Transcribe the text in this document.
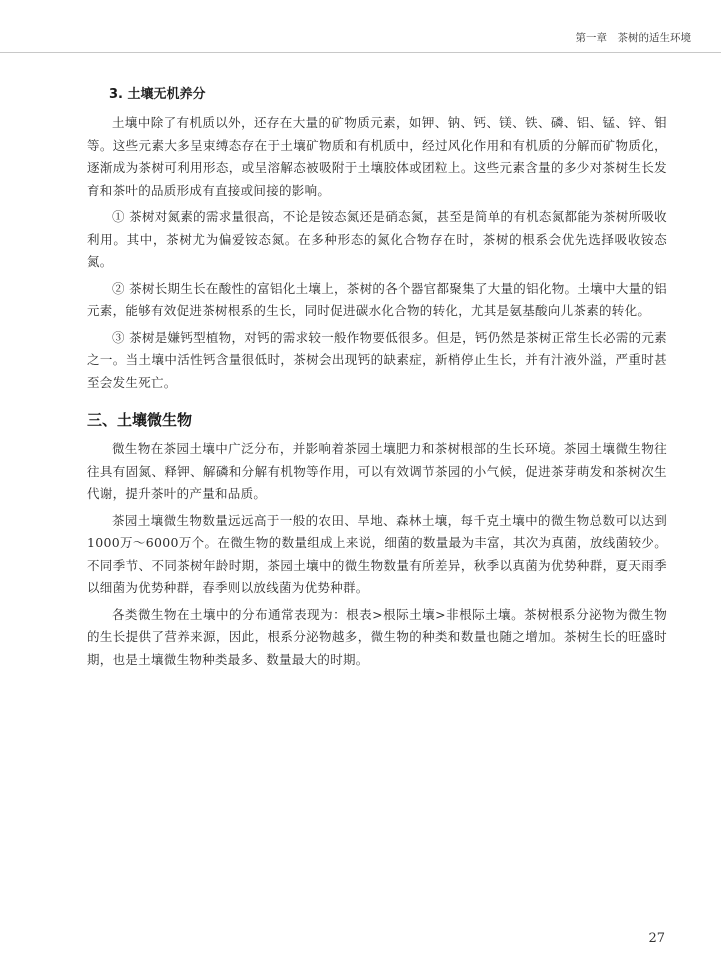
第一章　茶树的适生环境
3. 土壤无机养分

土壤中除了有机质以外，还存在大量的矿物质元素，如钾、钠、钙、镁、铁、磷、铝、锰、锌、钼等。这些元素大多呈束缚态存在于土壤矿物质和有机质中，经过风化作用和有机质的分解而矿物质化，逐渐成为茶树可利用形态，或呈溶解态被吸附于土壤胶体或团粒上。这些元素含量的多少对茶树生长发育和茶叶的品质形成有直接或间接的影响。

① 茶树对氮素的需求量很高，不论是铵态氮还是硝态氮，甚至是简单的有机态氮都能为茶树所吸收利用。其中，茶树尤为偏爱铵态氮。在多种形态的氮化合物存在时，茶树的根系会优先选择吸收铵态氮。

② 茶树长期生长在酸性的富铝化土壤上，茶树的各个器官都聚集了大量的铝化物。土壤中大量的铝元素，能够有效促进茶树根系的生长，同时促进碳水化合物的转化，尤其是氨基酸向儿茶素的转化。

③ 茶树是嫌钙型植物，对钙的需求较一般作物要低很多。但是，钙仍然是茶树正常生长必需的元素之一。当土壤中活性钙含量很低时，茶树会出现钙的缺素症，新梢停止生长，并有汁液外溢，严重时甚至会发生死亡。

三、土壤微生物

微生物在茶园土壤中广泛分布，并影响着茶园土壤肥力和茶树根部的生长环境。茶园土壤微生物往往具有固氮、释钾、解磷和分解有机物等作用，可以有效调节茶园的小气候，促进茶芽萌发和茶树次生代谢，提升茶叶的产量和品质。

茶园土壤微生物数量远远高于一般的农田、旱地、森林土壤，每千克土壤中的微生物总数可以达到1000万～6000万个。在微生物的数量组成上来说，细菌的数量最为丰富，其次为真菌，放线菌较少。不同季节、不同茶树年龄时期，茶园土壤中的微生物数量有所差异，秋季以真菌为优势种群，夏天雨季以细菌为优势种群，春季则以放线菌为优势种群。

各类微生物在土壤中的分布通常表现为：根表>根际土壤>非根际土壤。茶树根系分泌物为微生物的生长提供了营养来源，因此，根系分泌物越多，微生物的种类和数量也随之增加。茶树生长的旺盛时期，也是土壤微生物种类最多、数量最大的时期。

27
